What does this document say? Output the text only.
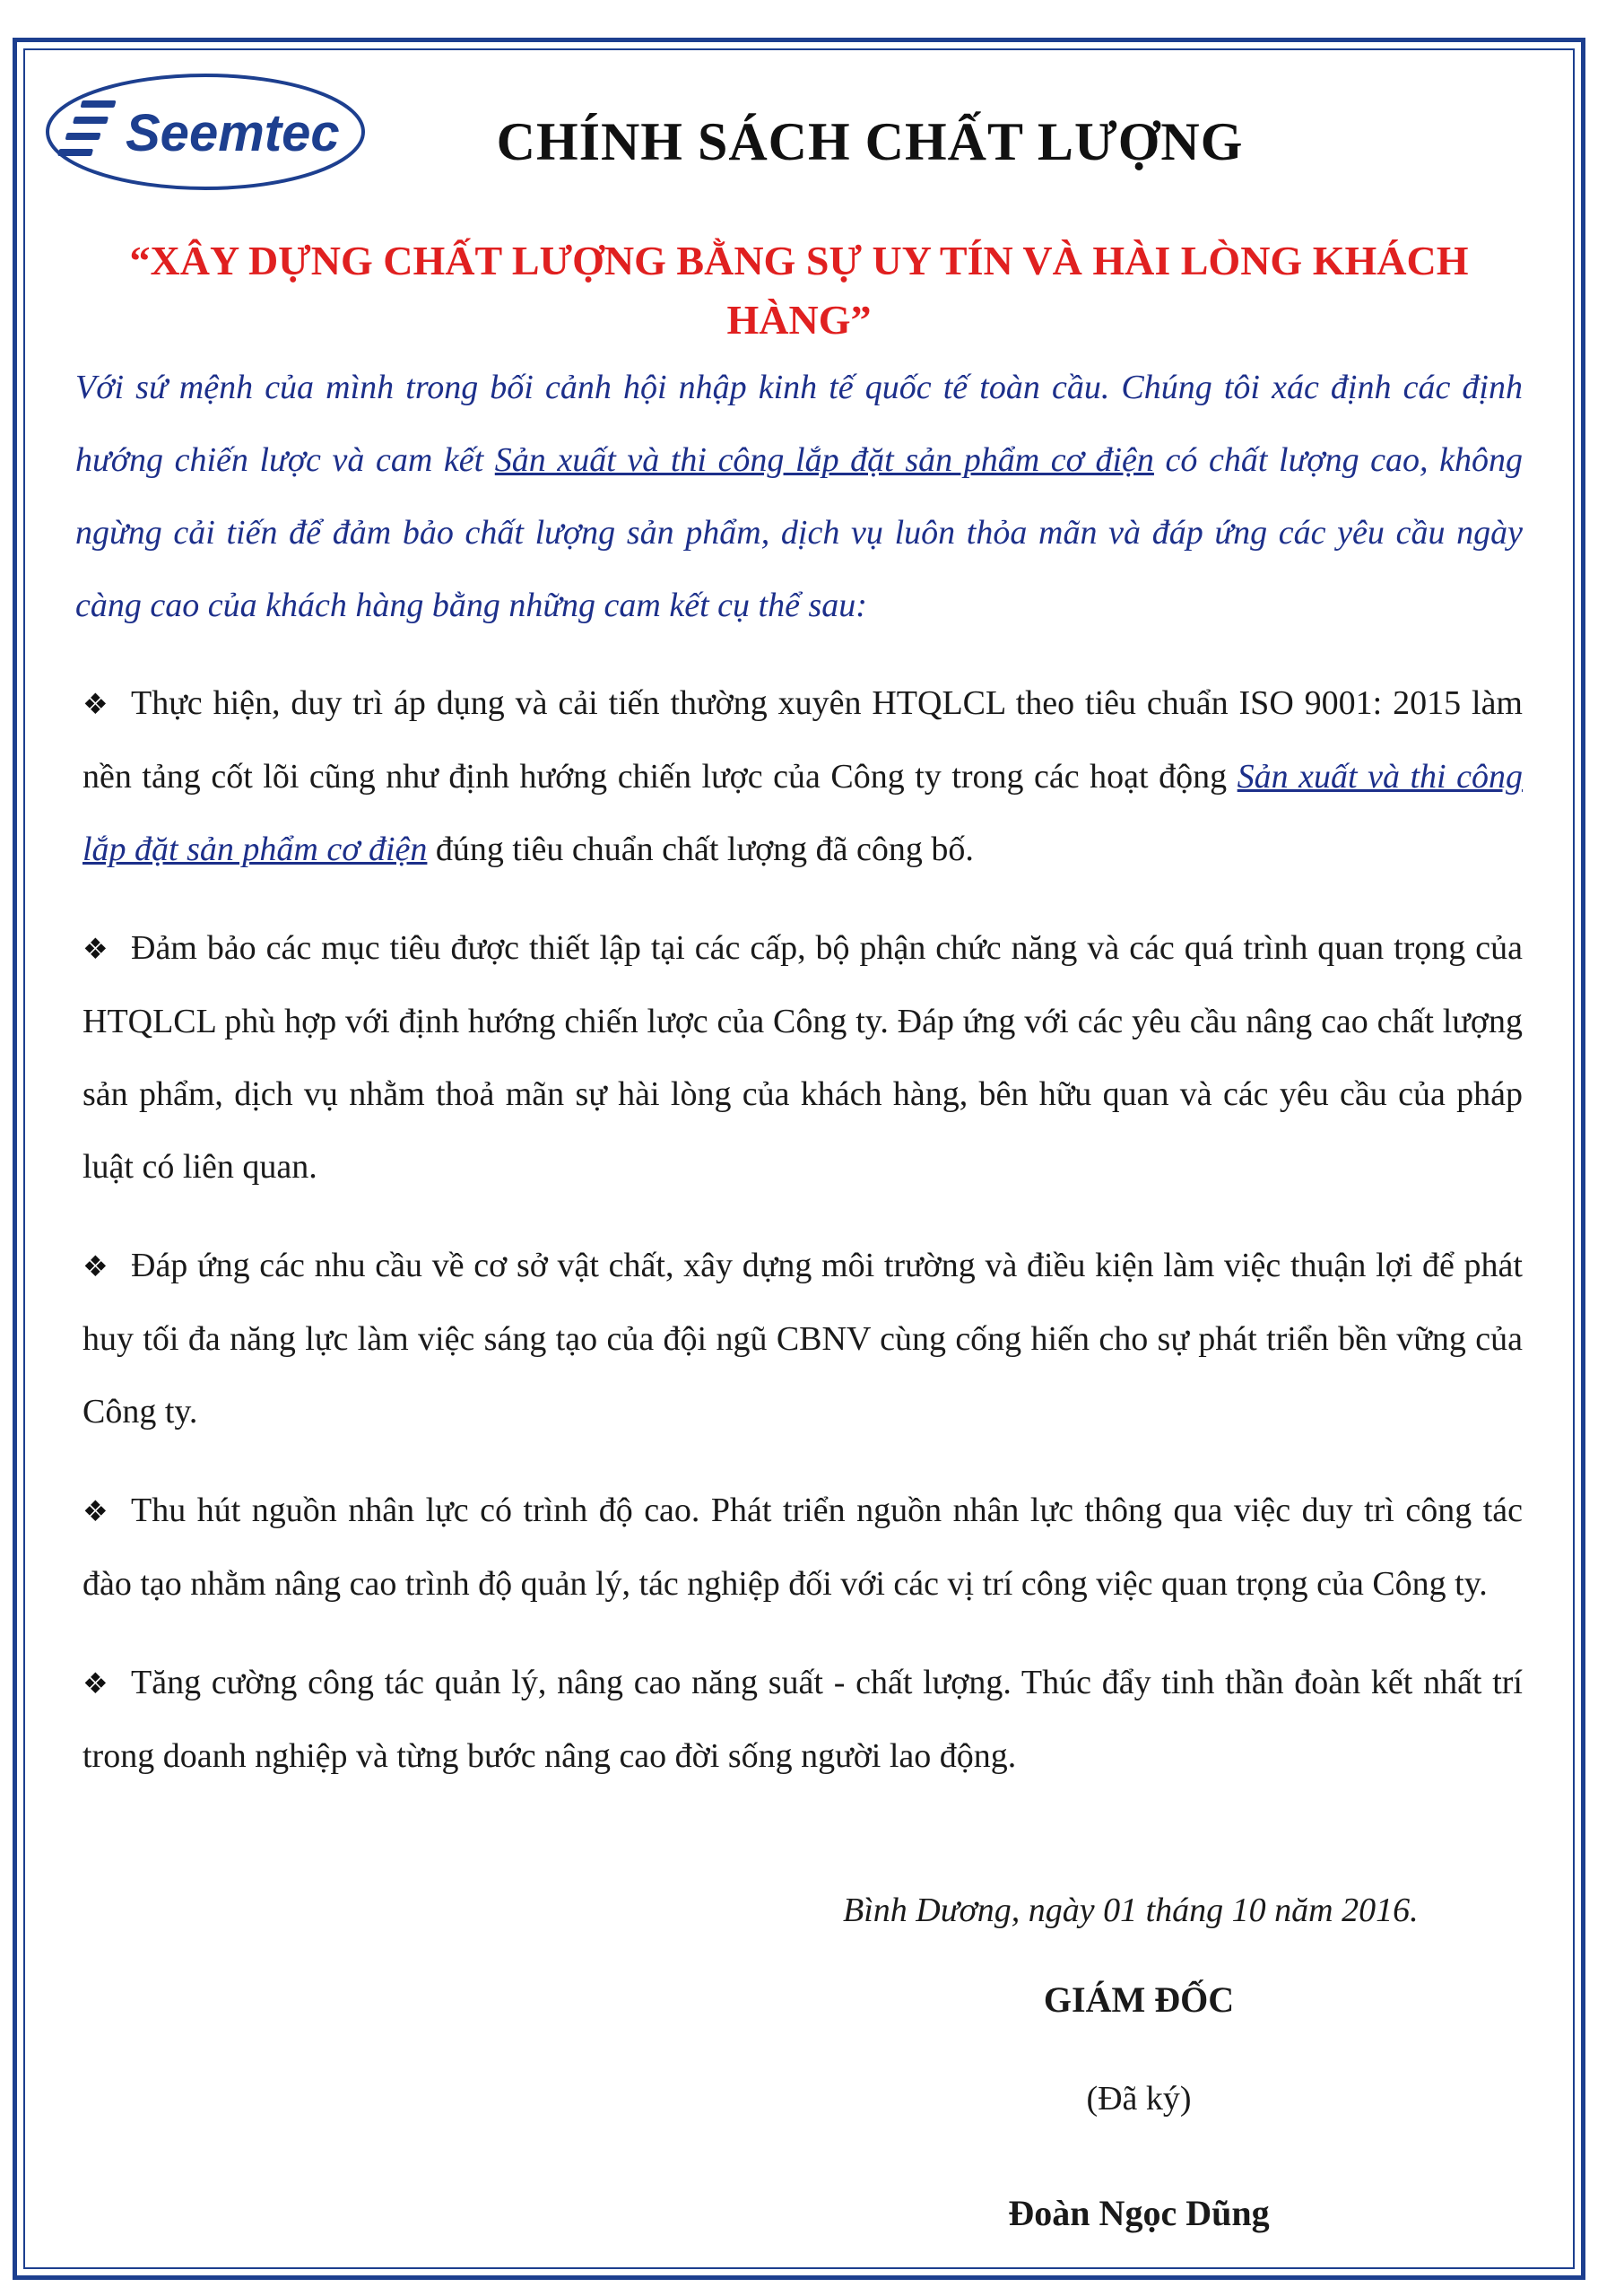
Seemtec	CHÍNH SÁCH CHẤT LƯỢNG
“XÂY DỰNG CHẤT LƯỢNG BẰNG SỰ UY TÍN VÀ HÀI LÒNG KHÁCH HÀNG”

Với sứ mệnh của mình trong bối cảnh hội nhập kinh tế quốc tế toàn cầu. Chúng tôi xác định các định hướng chiến lược và cam kết Sản xuất và thi công lắp đặt sản phẩm cơ điện có chất lượng cao, không ngừng cải tiến để đảm bảo chất lượng sản phẩm, dịch vụ luôn thỏa mãn và đáp ứng các yêu cầu ngày càng cao của khách hàng bằng những cam kết cụ thể sau:

❖ Thực hiện, duy trì áp dụng và cải tiến thường xuyên HTQLCL theo tiêu chuẩn ISO 9001: 2015 làm nền tảng cốt lõi cũng như định hướng chiến lược của Công ty trong các hoạt động Sản xuất và thi công lắp đặt sản phẩm cơ điện đúng tiêu chuẩn chất lượng đã công bố.

❖ Đảm bảo các mục tiêu được thiết lập tại các cấp, bộ phận chức năng và các quá trình quan trọng của HTQLCL phù hợp với định hướng chiến lược của Công ty. Đáp ứng với các yêu cầu nâng cao chất lượng sản phẩm, dịch vụ nhằm thoả mãn sự hài lòng của khách hàng, bên hữu quan và các yêu cầu của pháp luật có liên quan.

❖ Đáp ứng các nhu cầu về cơ sở vật chất, xây dựng môi trường và điều kiện làm việc thuận lợi để phát huy tối đa năng lực làm việc sáng tạo của đội ngũ CBNV cùng cống hiến cho sự phát triển bền vững của Công ty.

❖ Thu hút nguồn nhân lực có trình độ cao. Phát triển nguồn nhân lực thông qua việc duy trì công tác đào tạo nhằm nâng cao trình độ quản lý, tác nghiệp đối với các vị trí công việc quan trọng của Công ty.

❖ Tăng cường công tác quản lý, nâng cao năng suất - chất lượng. Thúc đẩy tinh thần đoàn kết nhất trí trong doanh nghiệp và từng bước nâng cao đời sống người lao động.

Bình Dương, ngày 01 tháng 10 năm 2016.

GIÁM ĐỐC

(Đã ký)

Đoàn Ngọc Dũng
